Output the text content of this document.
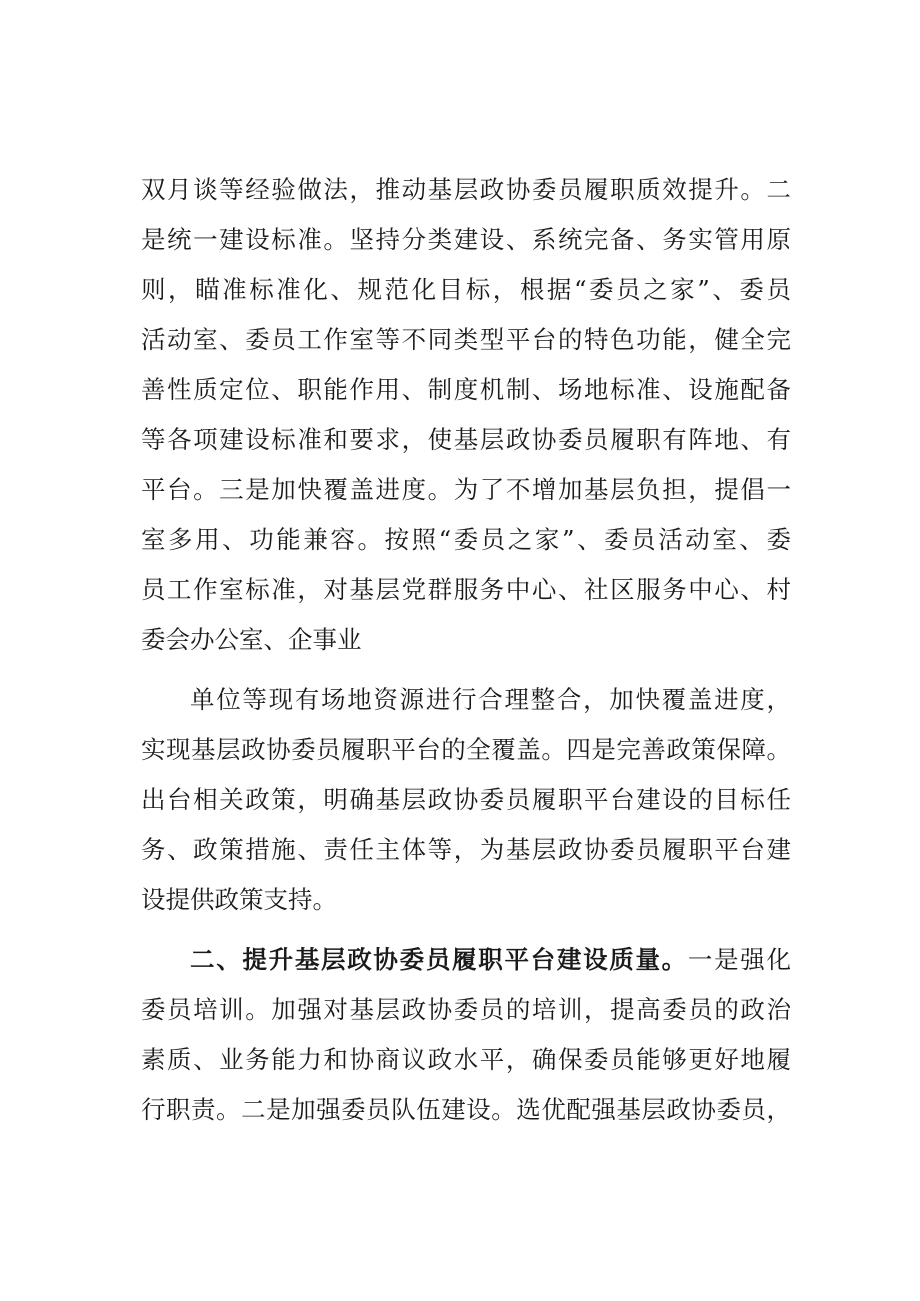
双月谈等经验做法，推动基层政协委员履职质效提升。二

是统一建设标准。坚持分类建设、系统完备、务实管用原

则，瞄准标准化、规范化目标，根据“委员之家”、委员

活动室、委员工作室等不同类型平台的特色功能，健全完

善性质定位、职能作用、制度机制、场地标准、设施配备

等各项建设标准和要求，使基层政协委员履职有阵地、有

平台。三是加快覆盖进度。为了不增加基层负担，提倡一

室多用、功能兼容。按照“委员之家”、委员活动室、委

员工作室标准，对基层党群服务中心、社区服务中心、村

委会办公室、企事业

单位等现有场地资源进行合理整合，加快覆盖进度，

实现基层政协委员履职平台的全覆盖。四是完善政策保障。

出台相关政策，明确基层政协委员履职平台建设的目标任

务、政策措施、责任主体等，为基层政协委员履职平台建

设提供政策支持。

二、提升基层政协委员履职平台建设质量。一是强化

委员培训。加强对基层政协委员的培训，提高委员的政治

素质、业务能力和协商议政水平，确保委员能够更好地履

行职责。二是加强委员队伍建设。选优配强基层政协委员，
